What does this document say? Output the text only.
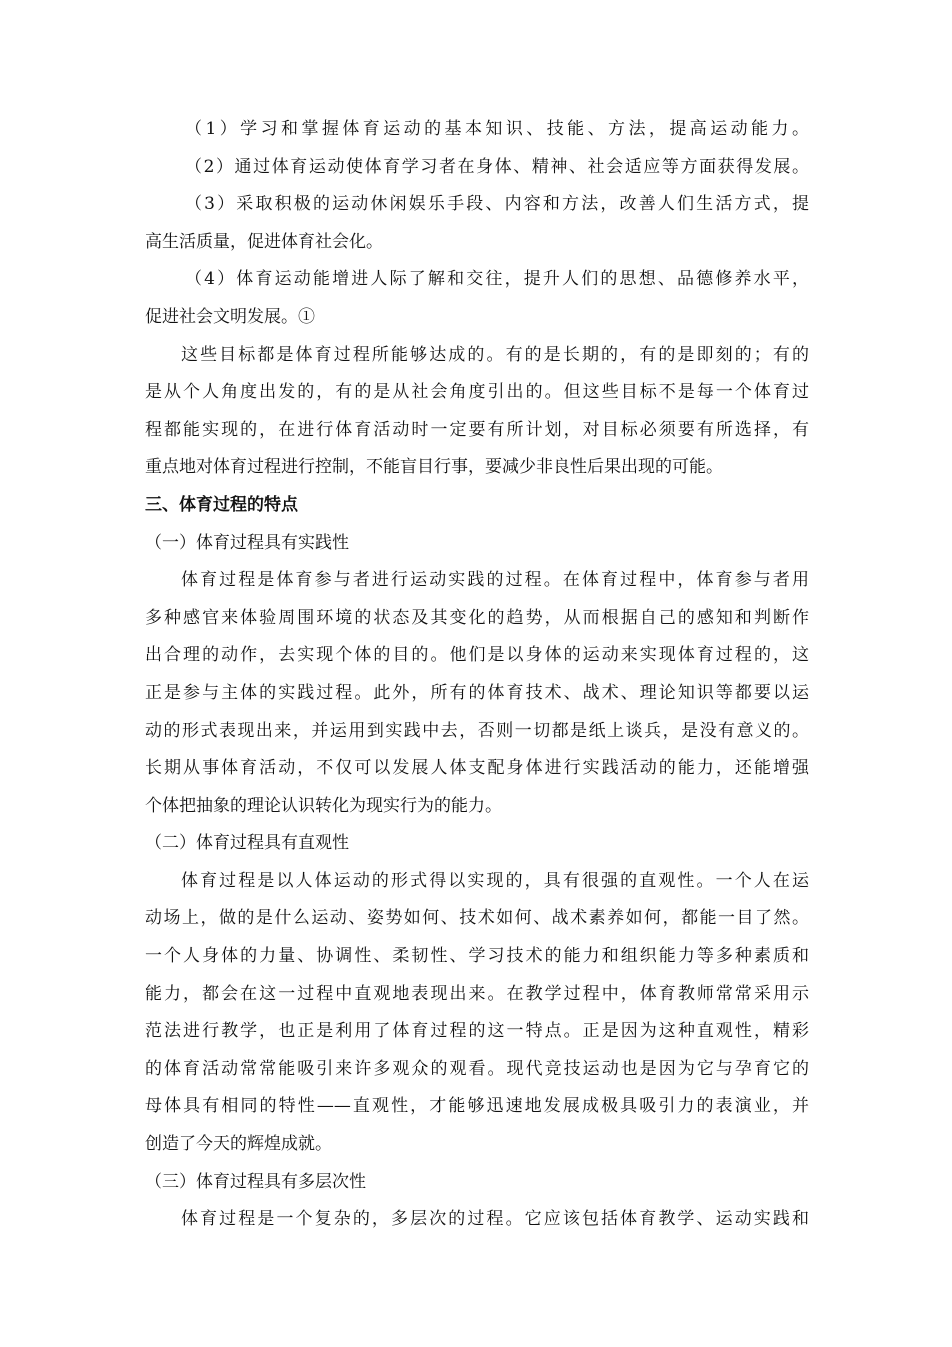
（1）学习和掌握体育运动的基本知识、技能、方法，提高运动能力。
（2）通过体育运动使体育学习者在身体、精神、社会适应等方面获得发展。
（3）采取积极的运动休闲娱乐手段、内容和方法，改善人们生活方式，提
高生活质量，促进体育社会化。
（4）体育运动能增进人际了解和交往，提升人们的思想、品德修养水平，
促进社会文明发展。①
这些目标都是体育过程所能够达成的。有的是长期的，有的是即刻的；有的
是从个人角度出发的，有的是从社会角度引出的。但这些目标不是每一个体育过
程都能实现的，在进行体育活动时一定要有所计划，对目标必须要有所选择，有
重点地对体育过程进行控制，不能盲目行事，要减少非良性后果出现的可能。
三、体育过程的特点
（一）体育过程具有实践性
体育过程是体育参与者进行运动实践的过程。在体育过程中，体育参与者用
多种感官来体验周围环境的状态及其变化的趋势，从而根据自己的感知和判断作
出合理的动作，去实现个体的目的。他们是以身体的运动来实现体育过程的，这
正是参与主体的实践过程。此外，所有的体育技术、战术、理论知识等都要以运
动的形式表现出来，并运用到实践中去，否则一切都是纸上谈兵，是没有意义的。
长期从事体育活动，不仅可以发展人体支配身体进行实践活动的能力，还能增强
个体把抽象的理论认识转化为现实行为的能力。
（二）体育过程具有直观性
体育过程是以人体运动的形式得以实现的，具有很强的直观性。一个人在运
动场上，做的是什么运动、姿势如何、技术如何、战术素养如何，都能一目了然。
一个人身体的力量、协调性、柔韧性、学习技术的能力和组织能力等多种素质和
能力，都会在这一过程中直观地表现出来。在教学过程中，体育教师常常采用示
范法进行教学，也正是利用了体育过程的这一特点。正是因为这种直观性，精彩
的体育活动常常能吸引来许多观众的观看。现代竞技运动也是因为它与孕育它的
母体具有相同的特性——直观性，才能够迅速地发展成极具吸引力的表演业，并
创造了今天的辉煌成就。
（三）体育过程具有多层次性
体育过程是一个复杂的，多层次的过程。它应该包括体育教学、运动实践和
